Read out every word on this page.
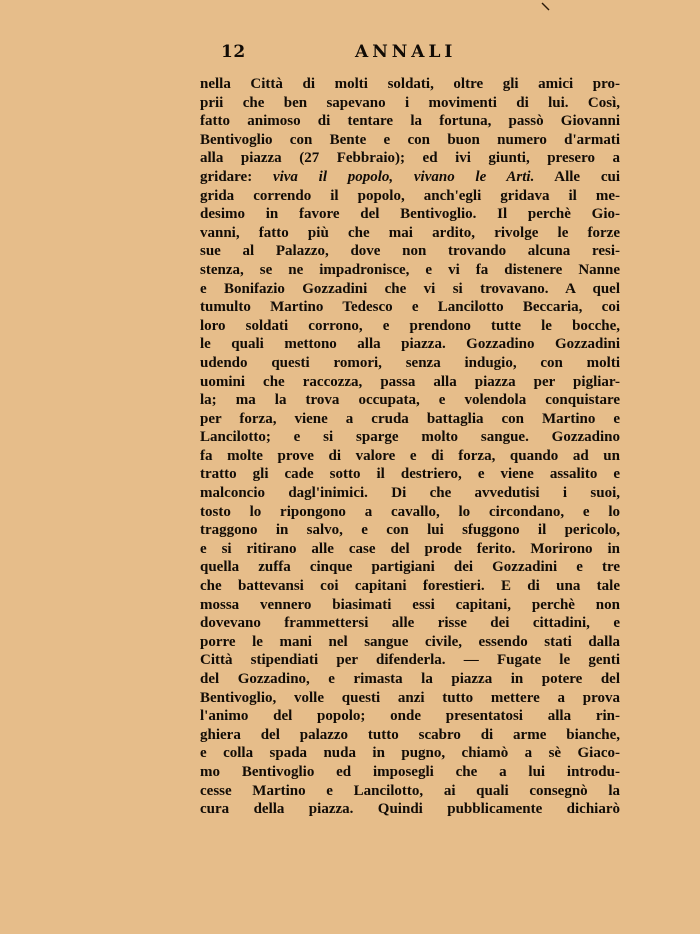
12	ANNALI
nella Città di molti soldati, oltre gli amici pro-
prii che ben sapevano i movimenti di lui. Così,
fatto animoso di tentare la fortuna, passò Giovanni
Bentivoglio con Bente e con buon numero d'armati
alla piazza (27 Febbraio); ed ivi giunti, presero a
gridare: viva il popolo, vivano le Arti. Alle cui
grida correndo il popolo, anch'egli gridava il me-
desimo in favore del Bentivoglio. Il perchè Gio-
vanni, fatto più che mai ardito, rivolge le forze
sue al Palazzo, dove non trovando alcuna resi-
stenza, se ne impadronisce, e vi fa distenere Nanne
e Bonifazio Gozzadini che vi si trovavano. A quel
tumulto Martino Tedesco e Lancilotto Beccaria, coi
loro soldati corrono, e prendono tutte le bocche,
le quali mettono alla piazza. Gozzadino Gozzadini
udendo questi romori, senza indugio, con molti
uomini che raccozza, passa alla piazza per pigliar-
la; ma la trova occupata, e volendola conquistare
per forza, viene a cruda battaglia con Martino e
Lancilotto; e si sparge molto sangue. Gozzadino
fa molte prove di valore e di forza, quando ad un
tratto gli cade sotto il destriero, e viene assalito e
malconcio dagl'inimici. Di che avvedutisi i suoi,
tosto lo ripongono a cavallo, lo circondano, e lo
traggono in salvo, e con lui sfuggono il pericolo,
e si ritirano alle case del prode ferito. Morirono in
quella zuffa cinque partigiani dei Gozzadini e tre
che battevansi coi capitani forestieri. E di una tale
mossa vennero biasimati essi capitani, perchè non
dovevano frammettersi alle risse dei cittadini, e
porre le mani nel sangue civile, essendo stati dalla
Città stipendiati per difenderla. — Fugate le genti
del Gozzadino, e rimasta la piazza in potere del
Bentivoglio, volle questi anzi tutto mettere a prova
l'animo del popolo; onde presentatosi alla rin-
ghiera del palazzo tutto scabro di arme bianche,
e colla spada nuda in pugno, chiamò a sè Giaco-
mo Bentivoglio ed imposegli che a lui introdu-
cesse Martino e Lancilotto, ai quali consegnò la
cura della piazza. Quindi pubblicamente dichiarò
